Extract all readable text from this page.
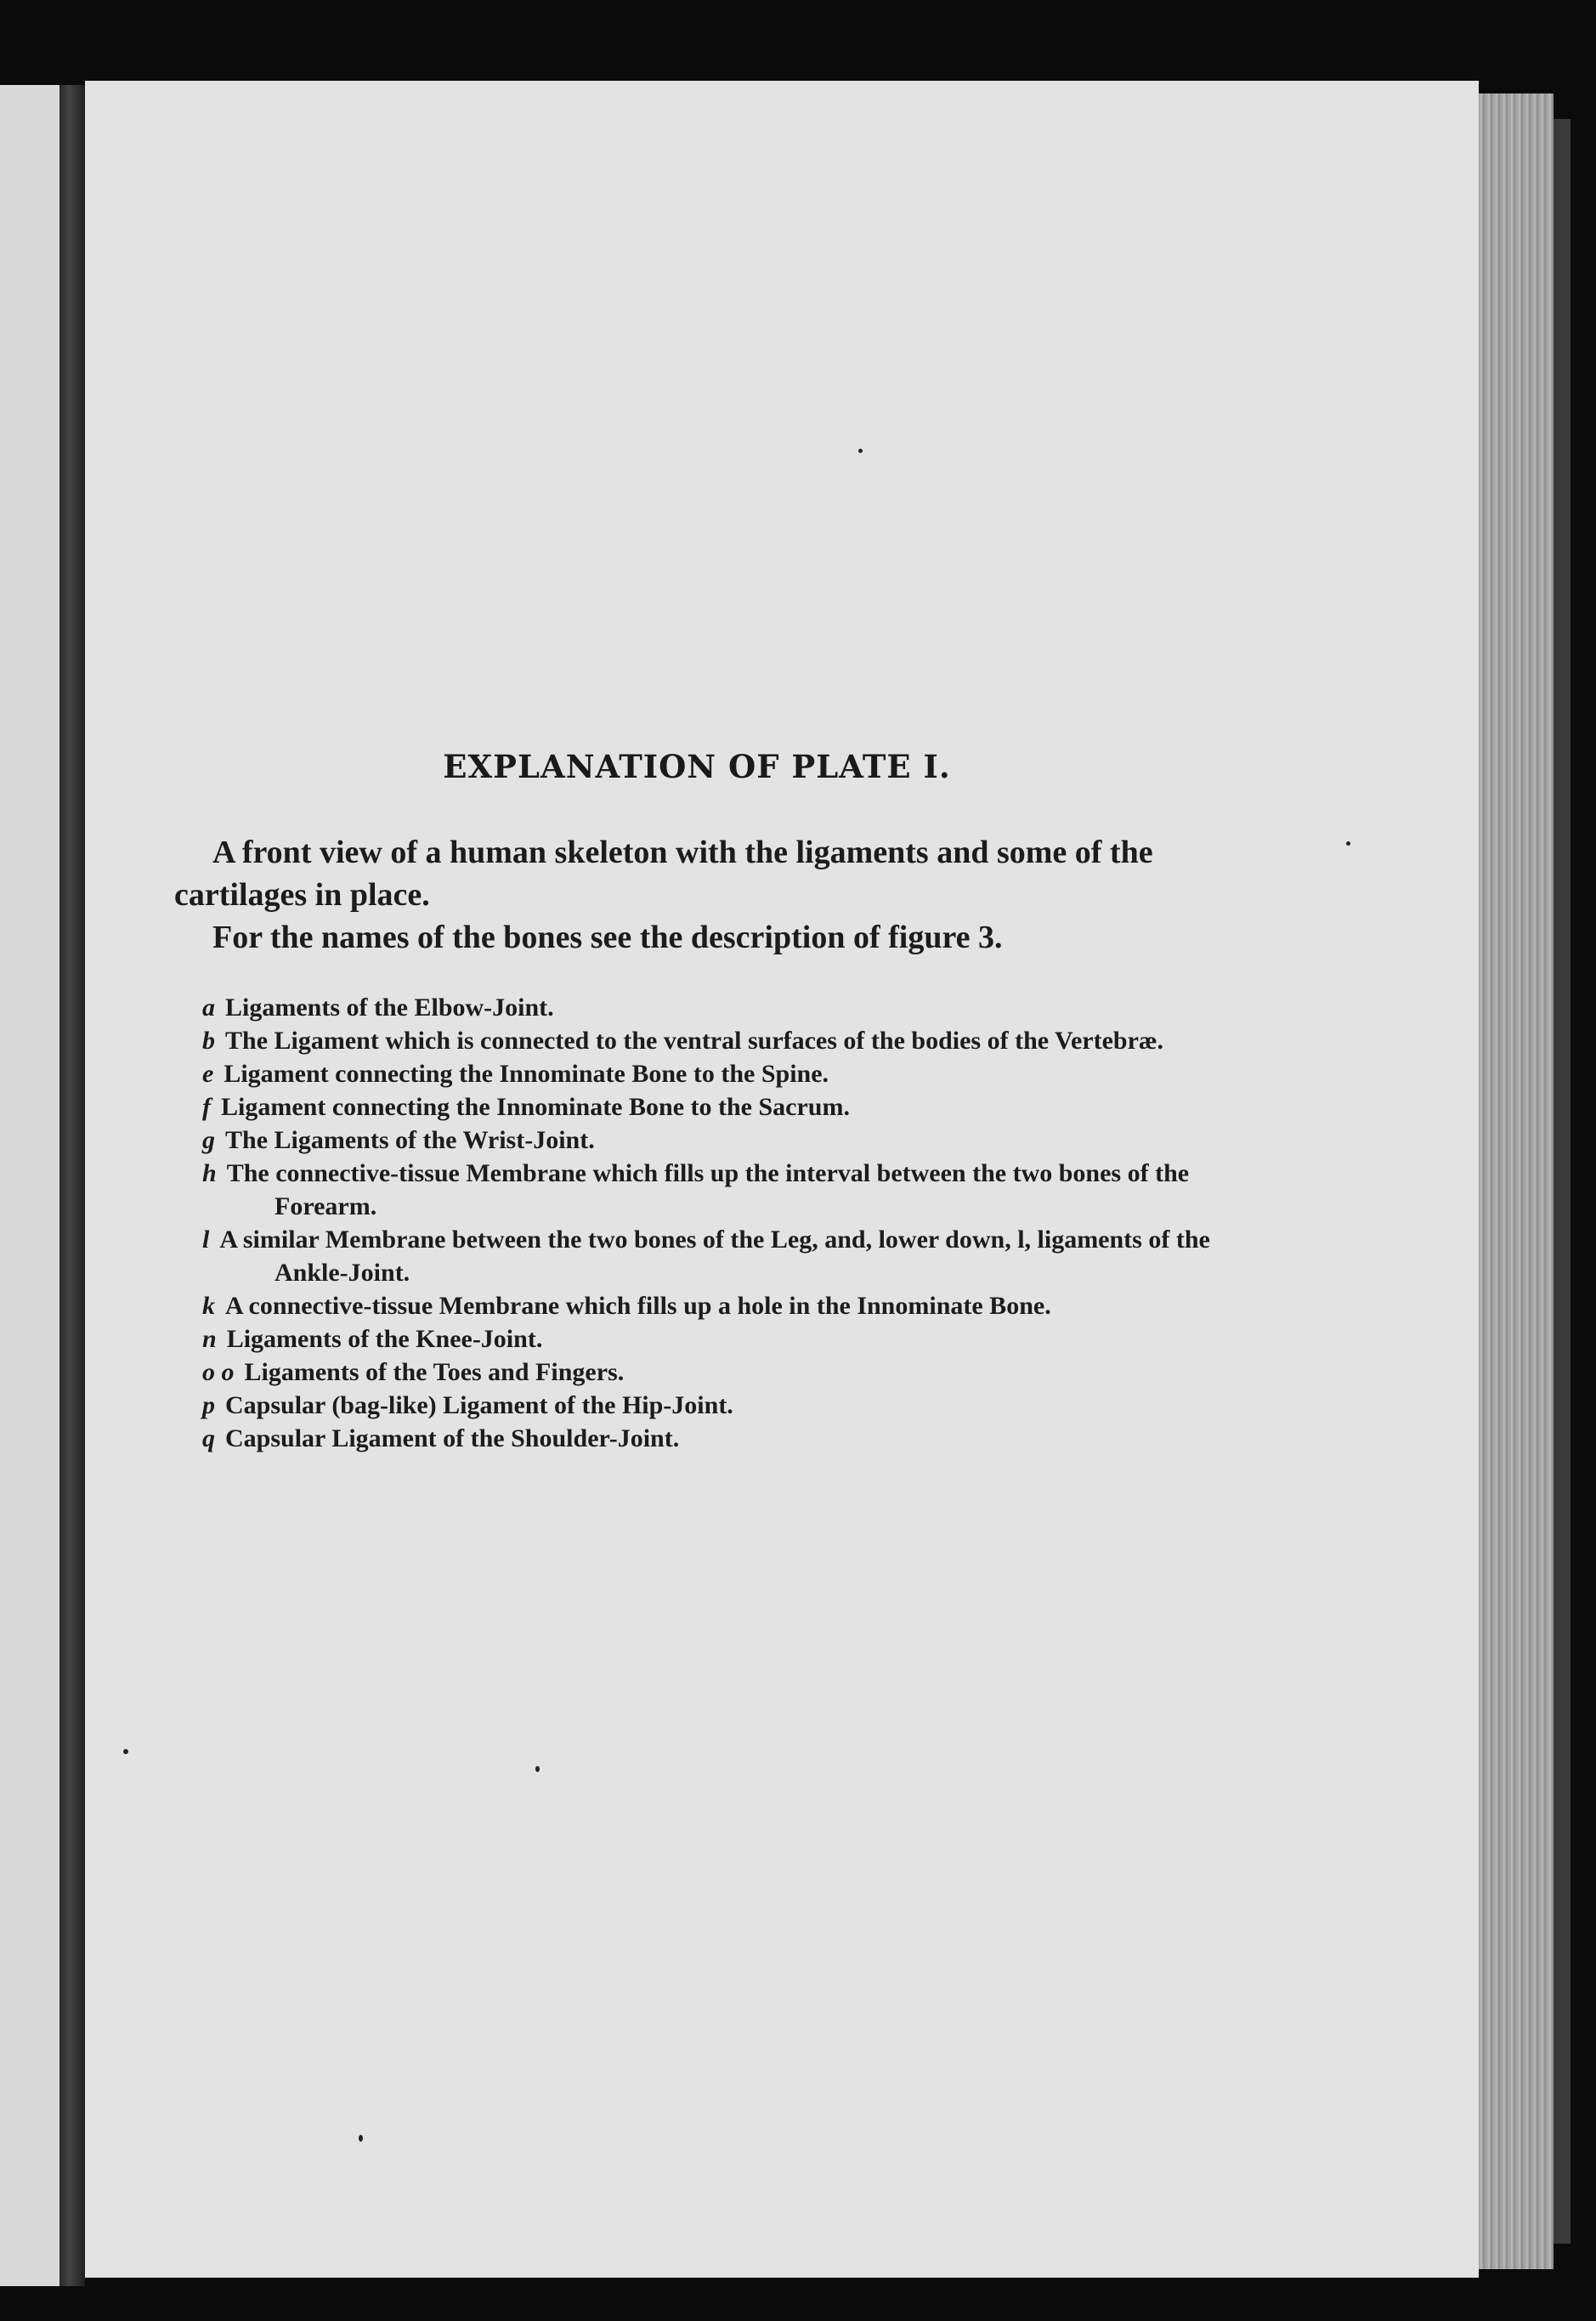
EXPLANATION OF PLATE I.

A front view of a human skeleton with the ligaments and some of the cartilages in place.

For the names of the bones see the description of figure 3.

a Ligaments of the Elbow-Joint.
b The Ligament which is connected to the ventral surfaces of the bodies of the Vertebræ.
e Ligament connecting the Innominate Bone to the Spine.
f Ligament connecting the Innominate Bone to the Sacrum.
g The Ligaments of the Wrist-Joint.
h The connective-tissue Membrane which fills up the interval between the two bones of the Forearm.
l A similar Membrane between the two bones of the Leg, and, lower down, l, ligaments of the Ankle-Joint.
k A connective-tissue Membrane which fills up a hole in the Innominate Bone.
n Ligaments of the Knee-Joint.
o o Ligaments of the Toes and Fingers.
p Capsular (bag-like) Ligament of the Hip-Joint.
q Capsular Ligament of the Shoulder-Joint.
